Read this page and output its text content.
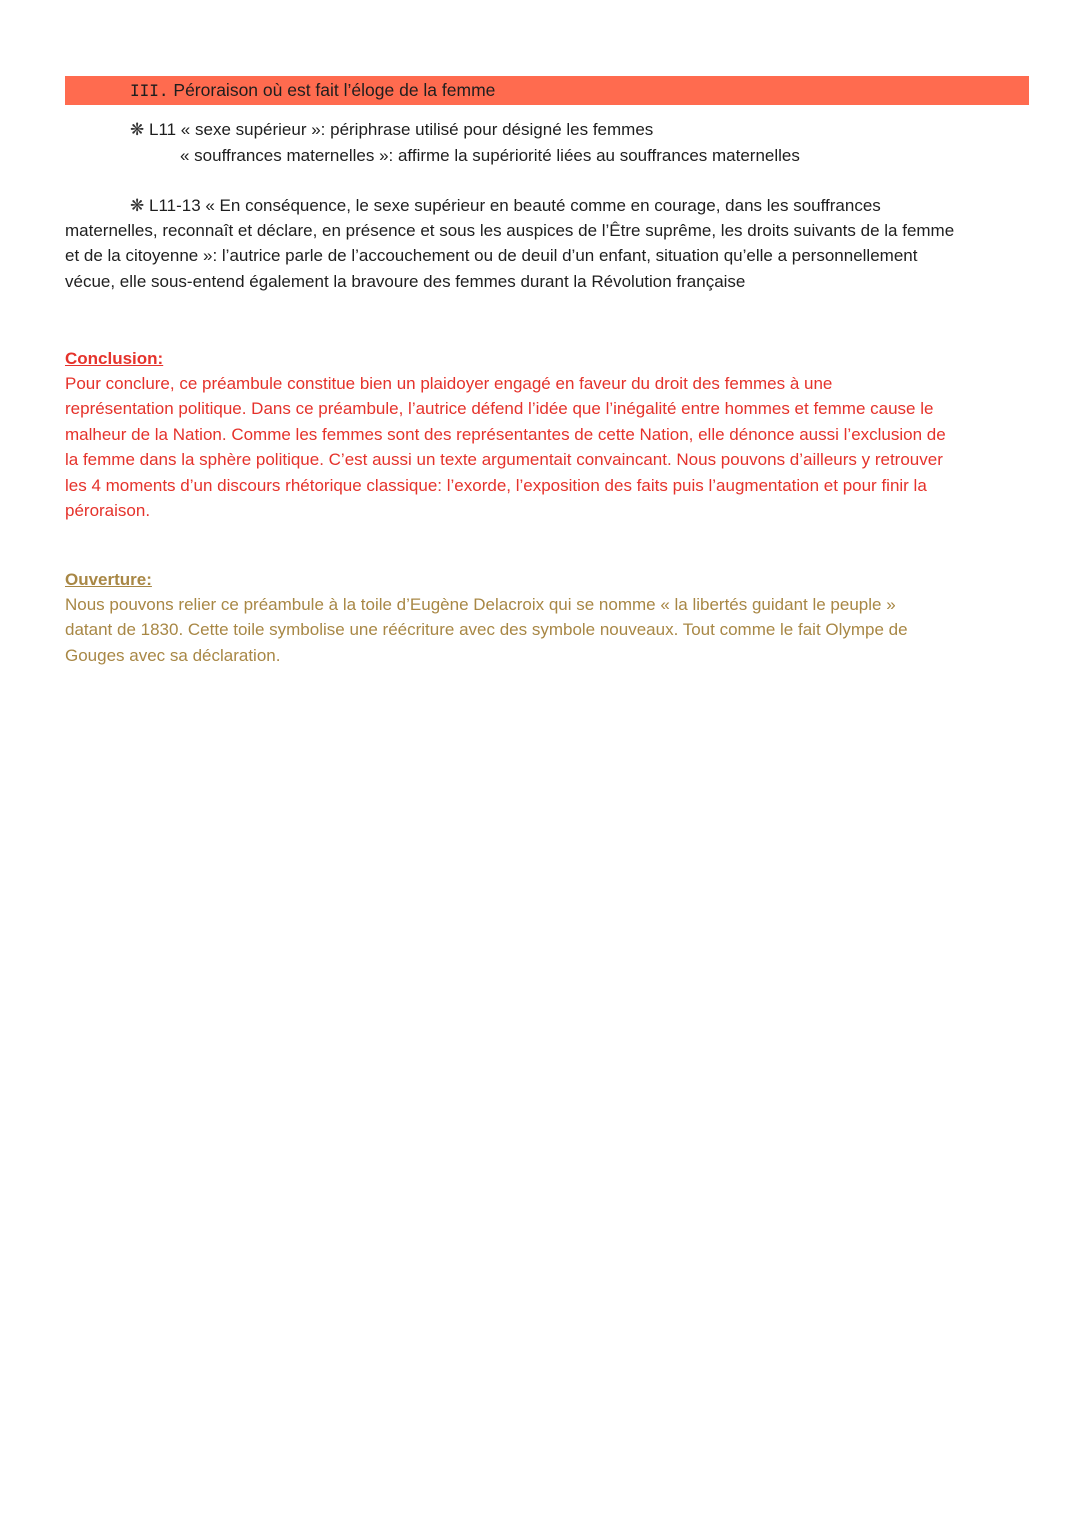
III. Péroraison où est fait l’éloge de la femme
❋ L11 « sexe supérieur »: périphrase utilisé pour désigné les femmes
« souffrances maternelles »: affirme la supériorité liées au souffrances maternelles
❋ L11-13 « En conséquence, le sexe supérieur en beauté comme en courage, dans les souffrances
maternelles, reconnaît et déclare, en présence et sous les auspices de l’Être suprême, les droits suivants de la femme
et de la citoyenne »: l’autrice parle de l’accouchement ou de deuil d’un enfant, situation qu’elle a personnellement
vécue, elle sous-entend également la bravoure des femmes durant la Révolution française
Conclusion:
Pour conclure, ce préambule constitue bien un plaidoyer engagé en faveur du droit des femmes à une
représentation politique. Dans ce préambule, l’autrice défend l’idée que l’inégalité entre hommes et femme cause le
malheur de la Nation. Comme les femmes sont des représentantes de cette Nation, elle dénonce aussi l’exclusion de
la femme dans la sphère politique. C’est aussi un texte argumentait convaincant. Nous pouvons d’ailleurs y retrouver
les 4 moments d’un discours rhétorique classique: l’exorde, l’exposition des faits puis l’augmentation et pour finir la
péroraison.
Ouverture:
Nous pouvons relier ce préambule à la toile d’Eugène Delacroix qui se nomme « la libertés guidant le peuple »
datant de 1830. Cette toile symbolise une réécriture avec des symbole nouveaux. Tout comme le fait Olympe de
Gouges avec sa déclaration.
